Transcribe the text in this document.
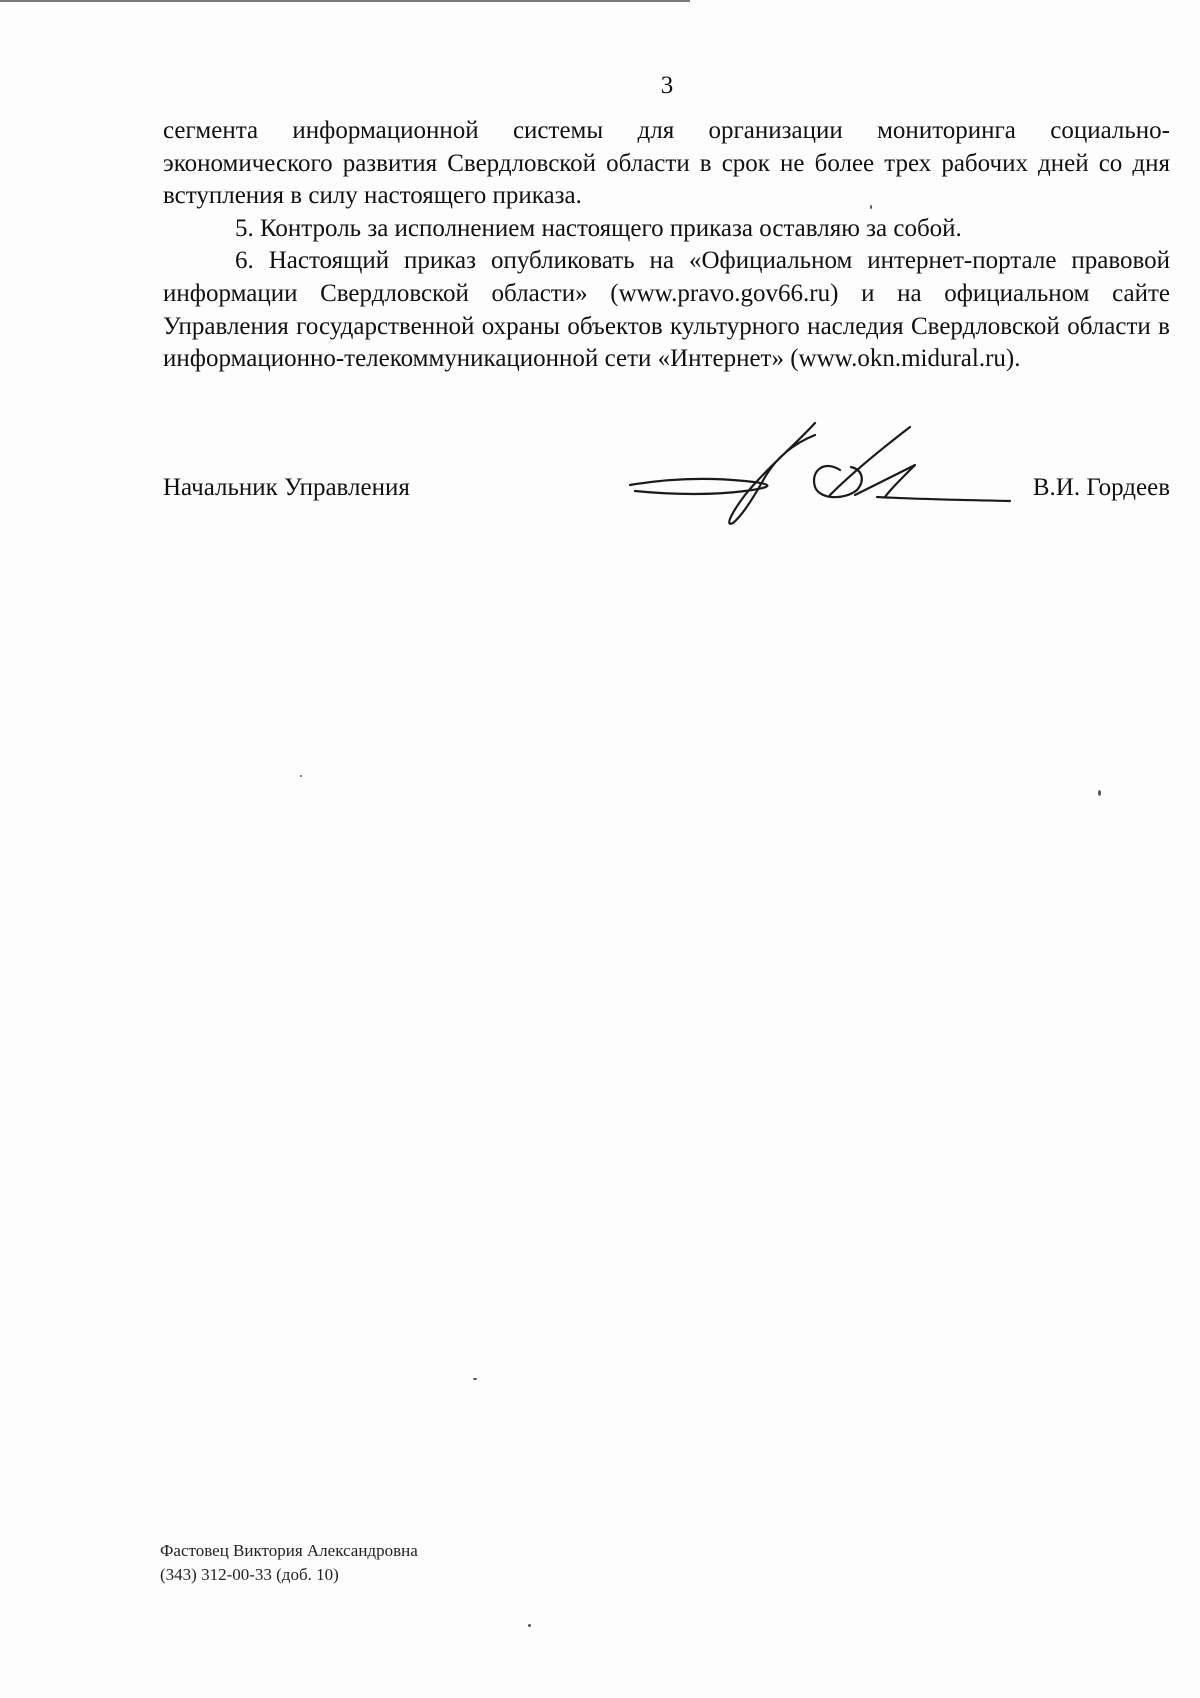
3

сегмента информационной системы для организации мониторинга социально-экономического развития Свердловской области в срок не более трех рабочих дней со дня вступления в силу настоящего приказа.

5. Контроль за исполнением настоящего приказа оставляю за собой.

6. Настоящий приказ опубликовать на «Официальном интернет-портале правовой информации Свердловской области» (www.pravo.gov66.ru) и на официальном сайте Управления государственной охраны объектов культурного наследия Свердловской области в информационно-телекоммуникационной сети «Интернет» (www.okn.midural.ru).

Начальник Управления	В.И. Гордеев
Фастовец Виктория Александровна
(343) 312-00-33 (доб. 10)
